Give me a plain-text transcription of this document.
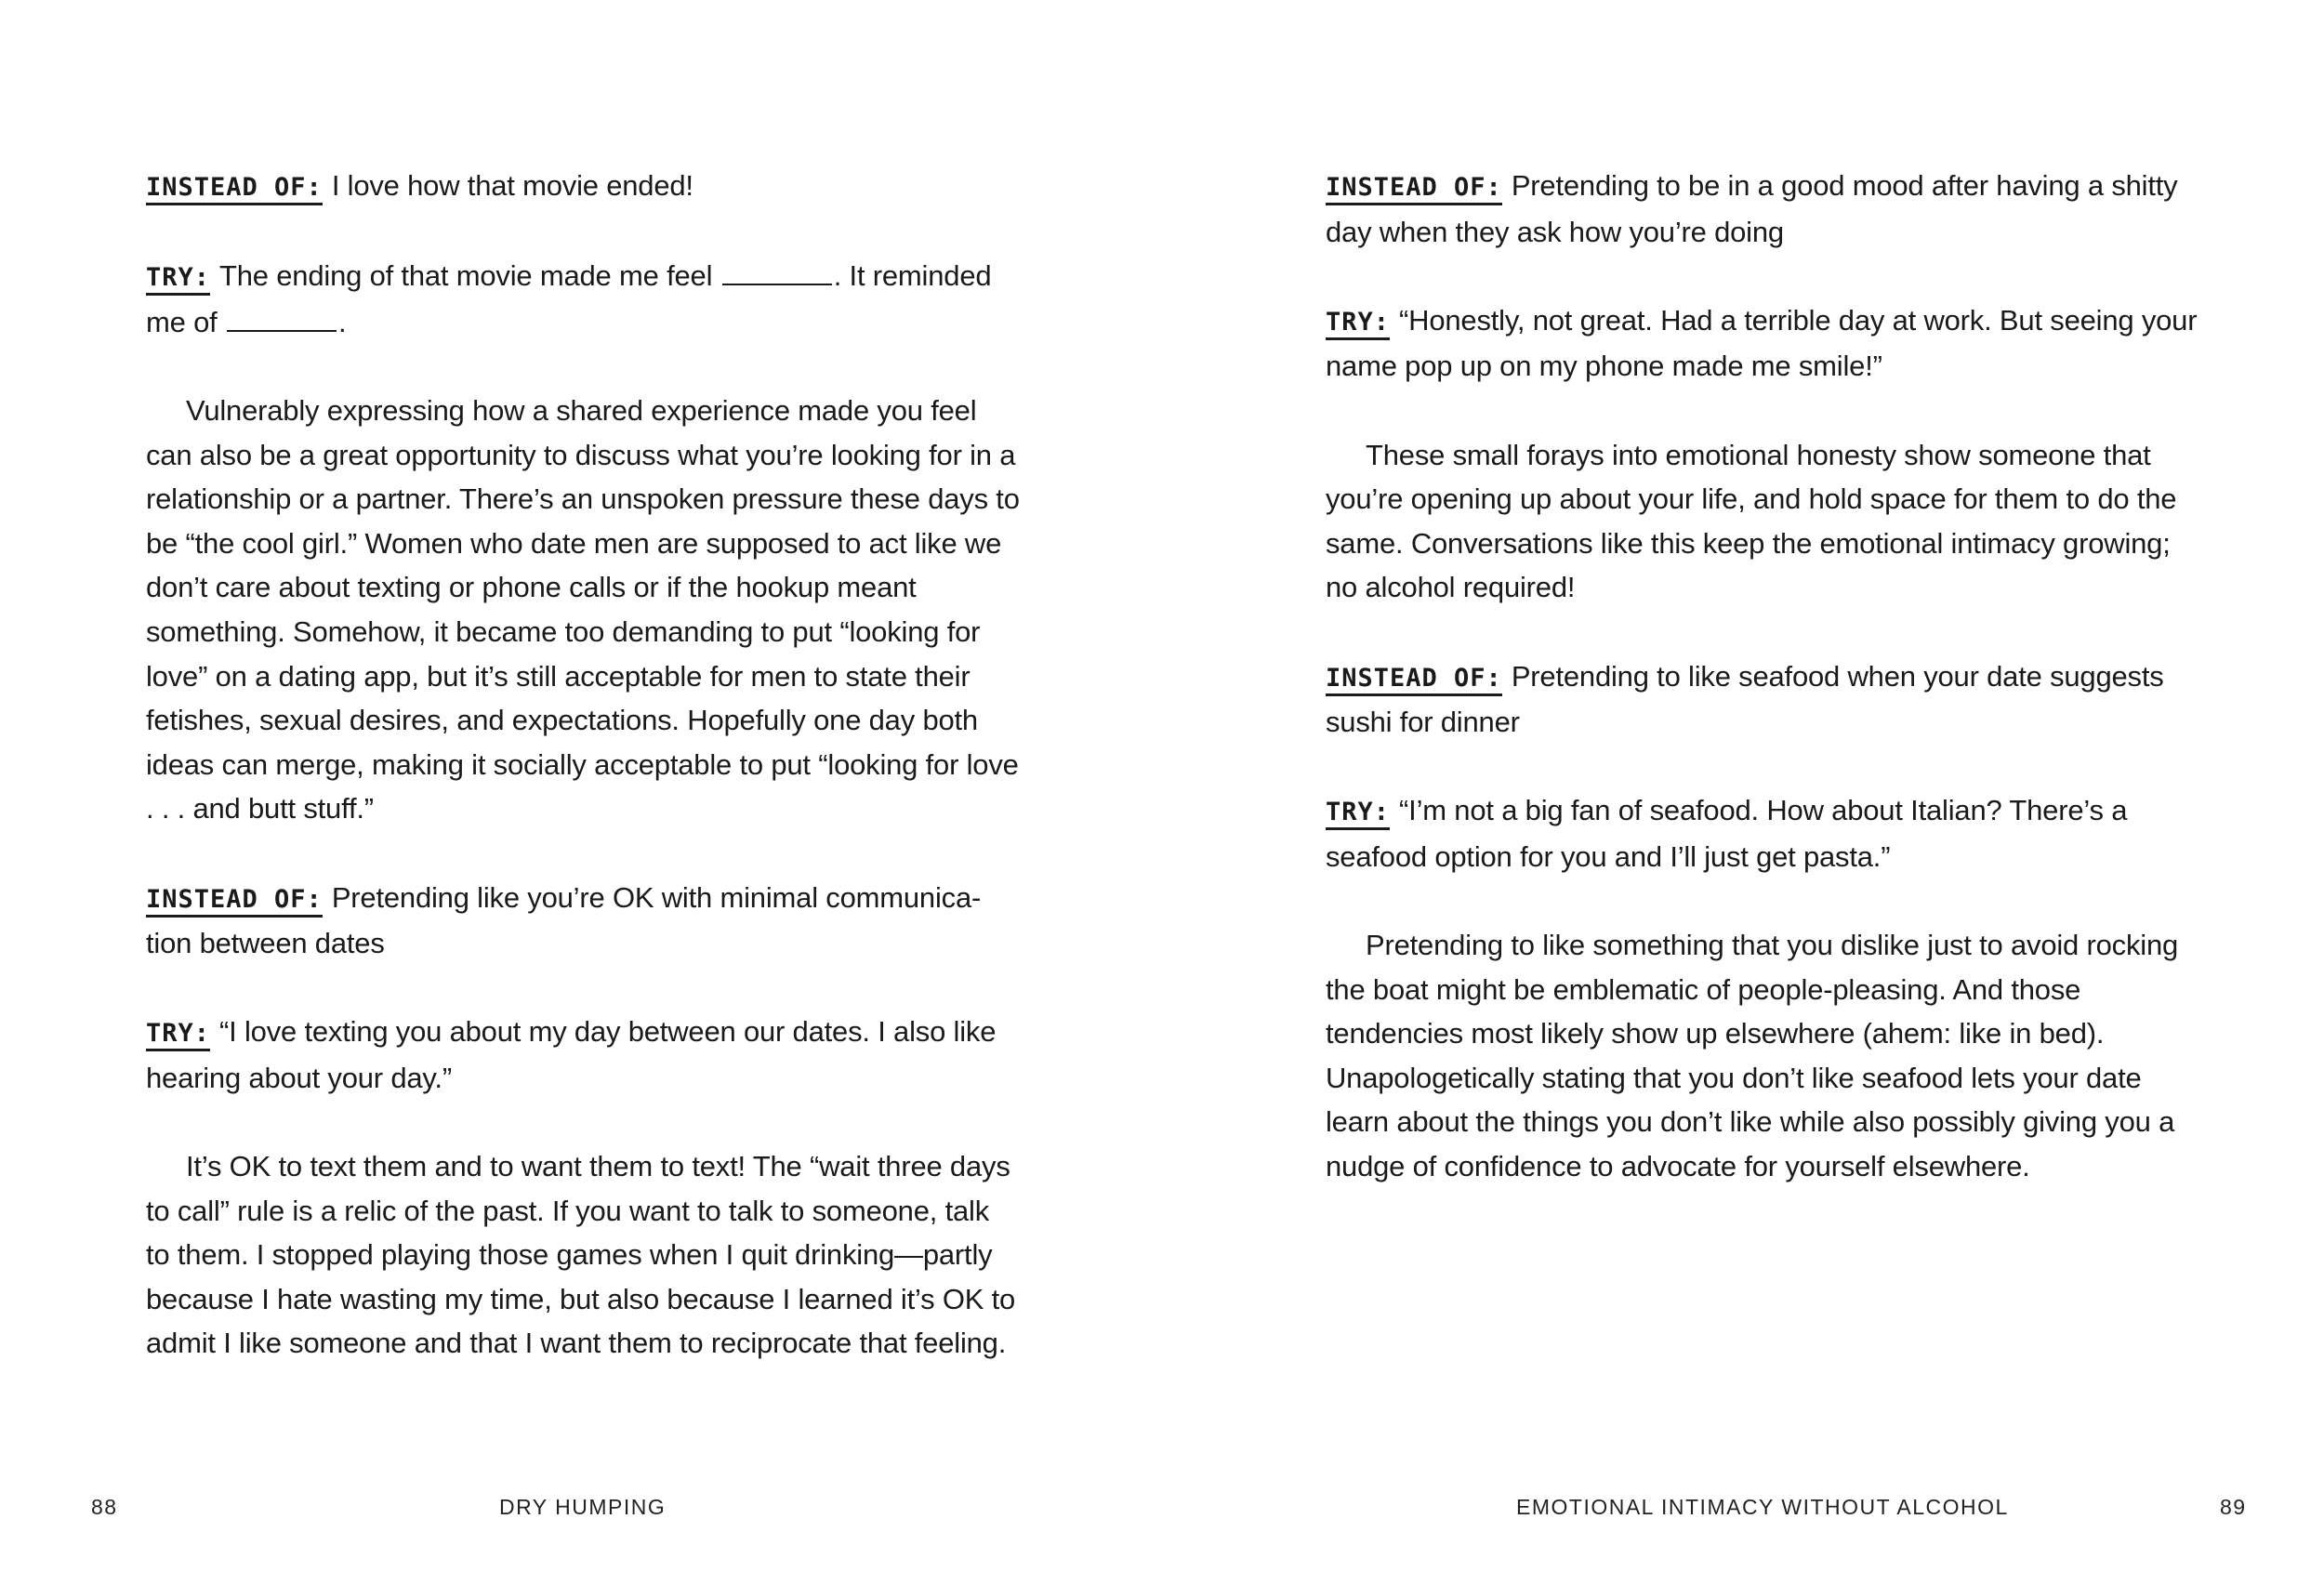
INSTEAD OF: I love how that movie ended!

TRY: The ending of that movie made me feel	. It reminded me of	.

Vulnerably expressing how a shared experience made you feel can also be a great opportunity to discuss what you’re looking for in a relationship or a partner. There’s an unspoken pressure these days to be “the cool girl.” Women who date men are supposed to act like we don’t care about texting or phone calls or if the hookup meant something. Somehow, it became too demanding to put “looking for love” on a dating app, but it’s still acceptable for men to state their fetishes, sexual desires, and expectations. Hopefully one day both ideas can merge, making it socially acceptable to put “looking for love . . . and butt stuff.”

INSTEAD OF: Pretending like you’re OK with minimal communica-tion between dates

TRY: “I love texting you about my day between our dates. I also like hearing about your day.”

It’s OK to text them and to want them to text! The “wait three days to call” rule is a relic of the past. If you want to talk to someone, talk to them. I stopped playing those games when I quit drinking—partly because I hate wasting my time, but also because I learned it’s OK to admit I like someone and that I want them to reciprocate that feeling.

88	DRY HUMPING

INSTEAD OF: Pretending to be in a good mood after having a shitty day when they ask how you’re doing

TRY: “Honestly, not great. Had a terrible day at work. But seeing your name pop up on my phone made me smile!”

These small forays into emotional honesty show someone that you’re opening up about your life, and hold space for them to do the same. Conversations like this keep the emotional intimacy growing; no alcohol required!

INSTEAD OF: Pretending to like seafood when your date suggests sushi for dinner

TRY: “I’m not a big fan of seafood. How about Italian? There’s a seafood option for you and I’ll just get pasta.”

Pretending to like something that you dislike just to avoid rocking the boat might be emblematic of people-pleasing. And those tendencies most likely show up elsewhere (ahem: like in bed). Unapologetically stating that you don’t like seafood lets your date learn about the things you don’t like while also possibly giving you a nudge of confidence to advocate for yourself elsewhere.

EMOTIONAL INTIMACY WITHOUT ALCOHOL	89
